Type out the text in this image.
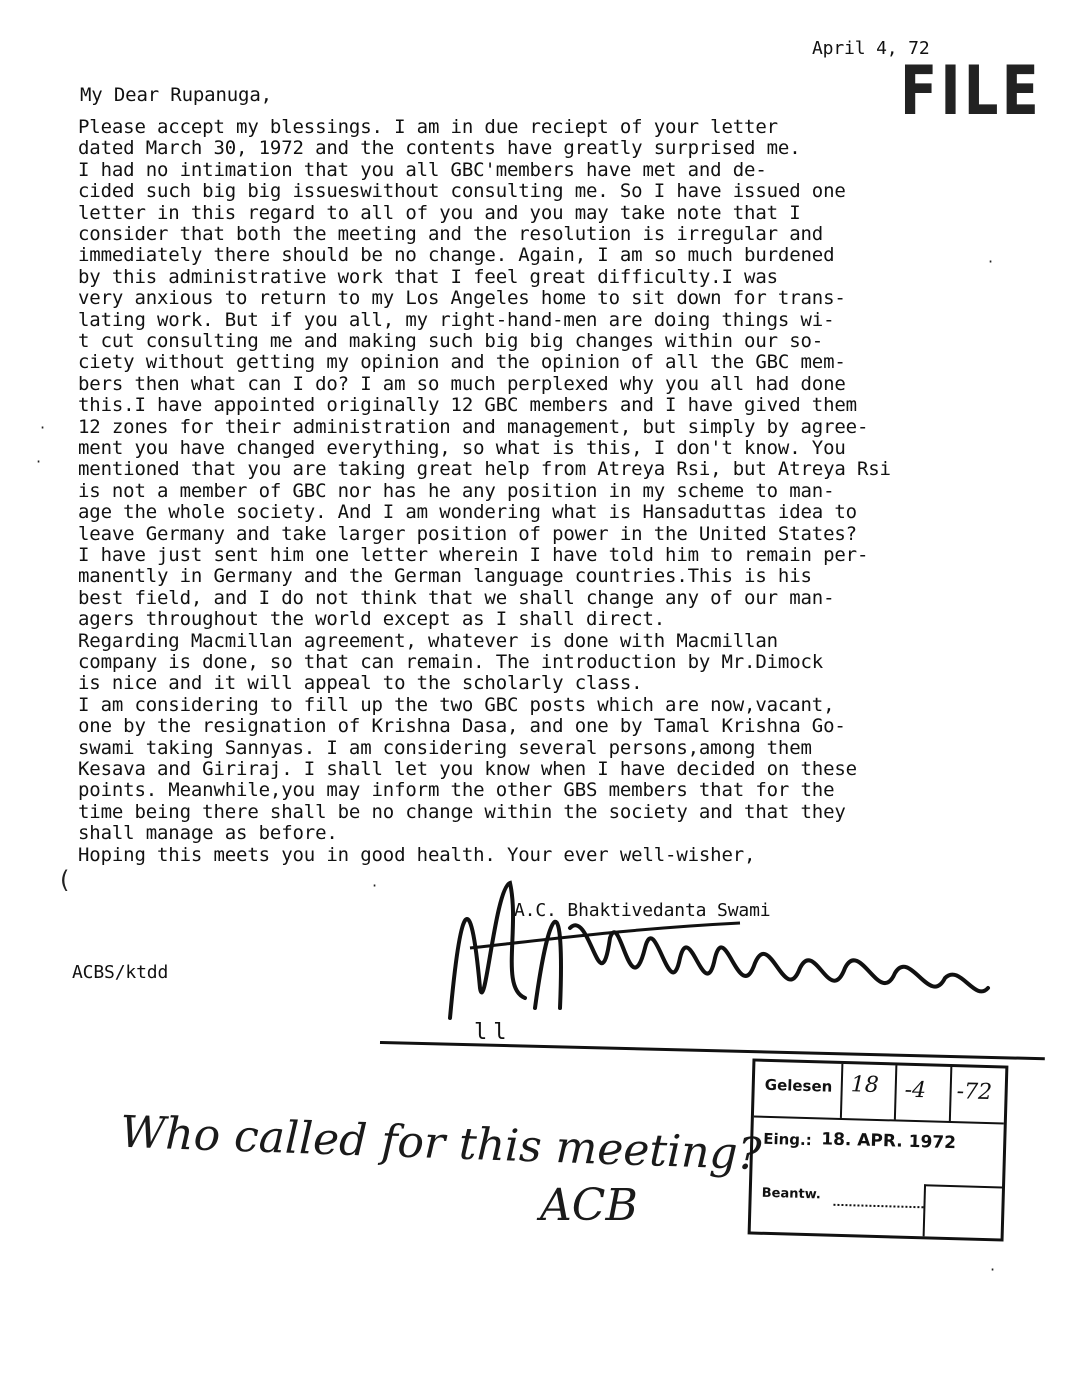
April 4, 72
FILE
My Dear Rupanuga,
Please accept my blessings. I am in due reciept of your letter
dated March 30, 1972 and the contents have greatly surprised me.
I had no intimation that you all GBC'members have met and de-
cided such big big issueswithout consulting me. So I have issued one
letter in this regard to all of you and you may take note that I
consider that both the meeting and the resolution is irregular and
immediately there should be no change. Again, I am so much burdened
by this administrative work that I feel great difficulty.I was
very anxious to return to my Los Angeles home to sit down for trans-
lating work. But if you all, my right-hand-men are doing things wi-
t cut consulting me and making such big big changes within our so-
ciety without getting my opinion and the opinion of all the GBC mem-
bers then what can I do? I am so much perplexed why you all had done
this.I have appointed originally 12 GBC members and I have gived them
12 zones for their administration and management, but simply by agree-
ment you have changed everything, so what is this, I don't know. You
mentioned that you are taking great help from Atreya Rsi, but Atreya Rsi
is not a member of GBC nor has he any position in my scheme to man-
age the whole society. And I am wondering what is Hansaduttas idea to
leave Germany and take larger position of power in the United States?
I have just sent him one letter wherein I have told him to remain per-
manently in Germany and the German language countries.This is his
best field, and I do not think that we shall change any of our man-
agers throughout the world except as I shall direct.
Regarding Macmillan agreement, whatever is done with Macmillan
company is done, so that can remain. The introduction by Mr.Dimock
is nice and it will appeal to the scholarly class.
I am considering to fill up the two GBC posts which are now,vacant,
one by the resignation of Krishna Dasa, and one by Tamal Krishna Go-
swami taking Sannyas. I am considering several persons,among them
Kesava and Giriraj. I shall let you know when I have decided on these
points. Meanwhile,you may inform the other GBS members that for the
time being there shall be no change within the society and that they
shall manage as before.
Hoping this meets you in good health. Your ever well-wisher,
A.C. Bhaktivedanta Swami
ACBS/ktdd
ll
Who called for this meeting?
ACB
Gelesen 18 -4 -72
Eing.: 18. APR. 1972
Beantw.
·
·
·
(	·
·
